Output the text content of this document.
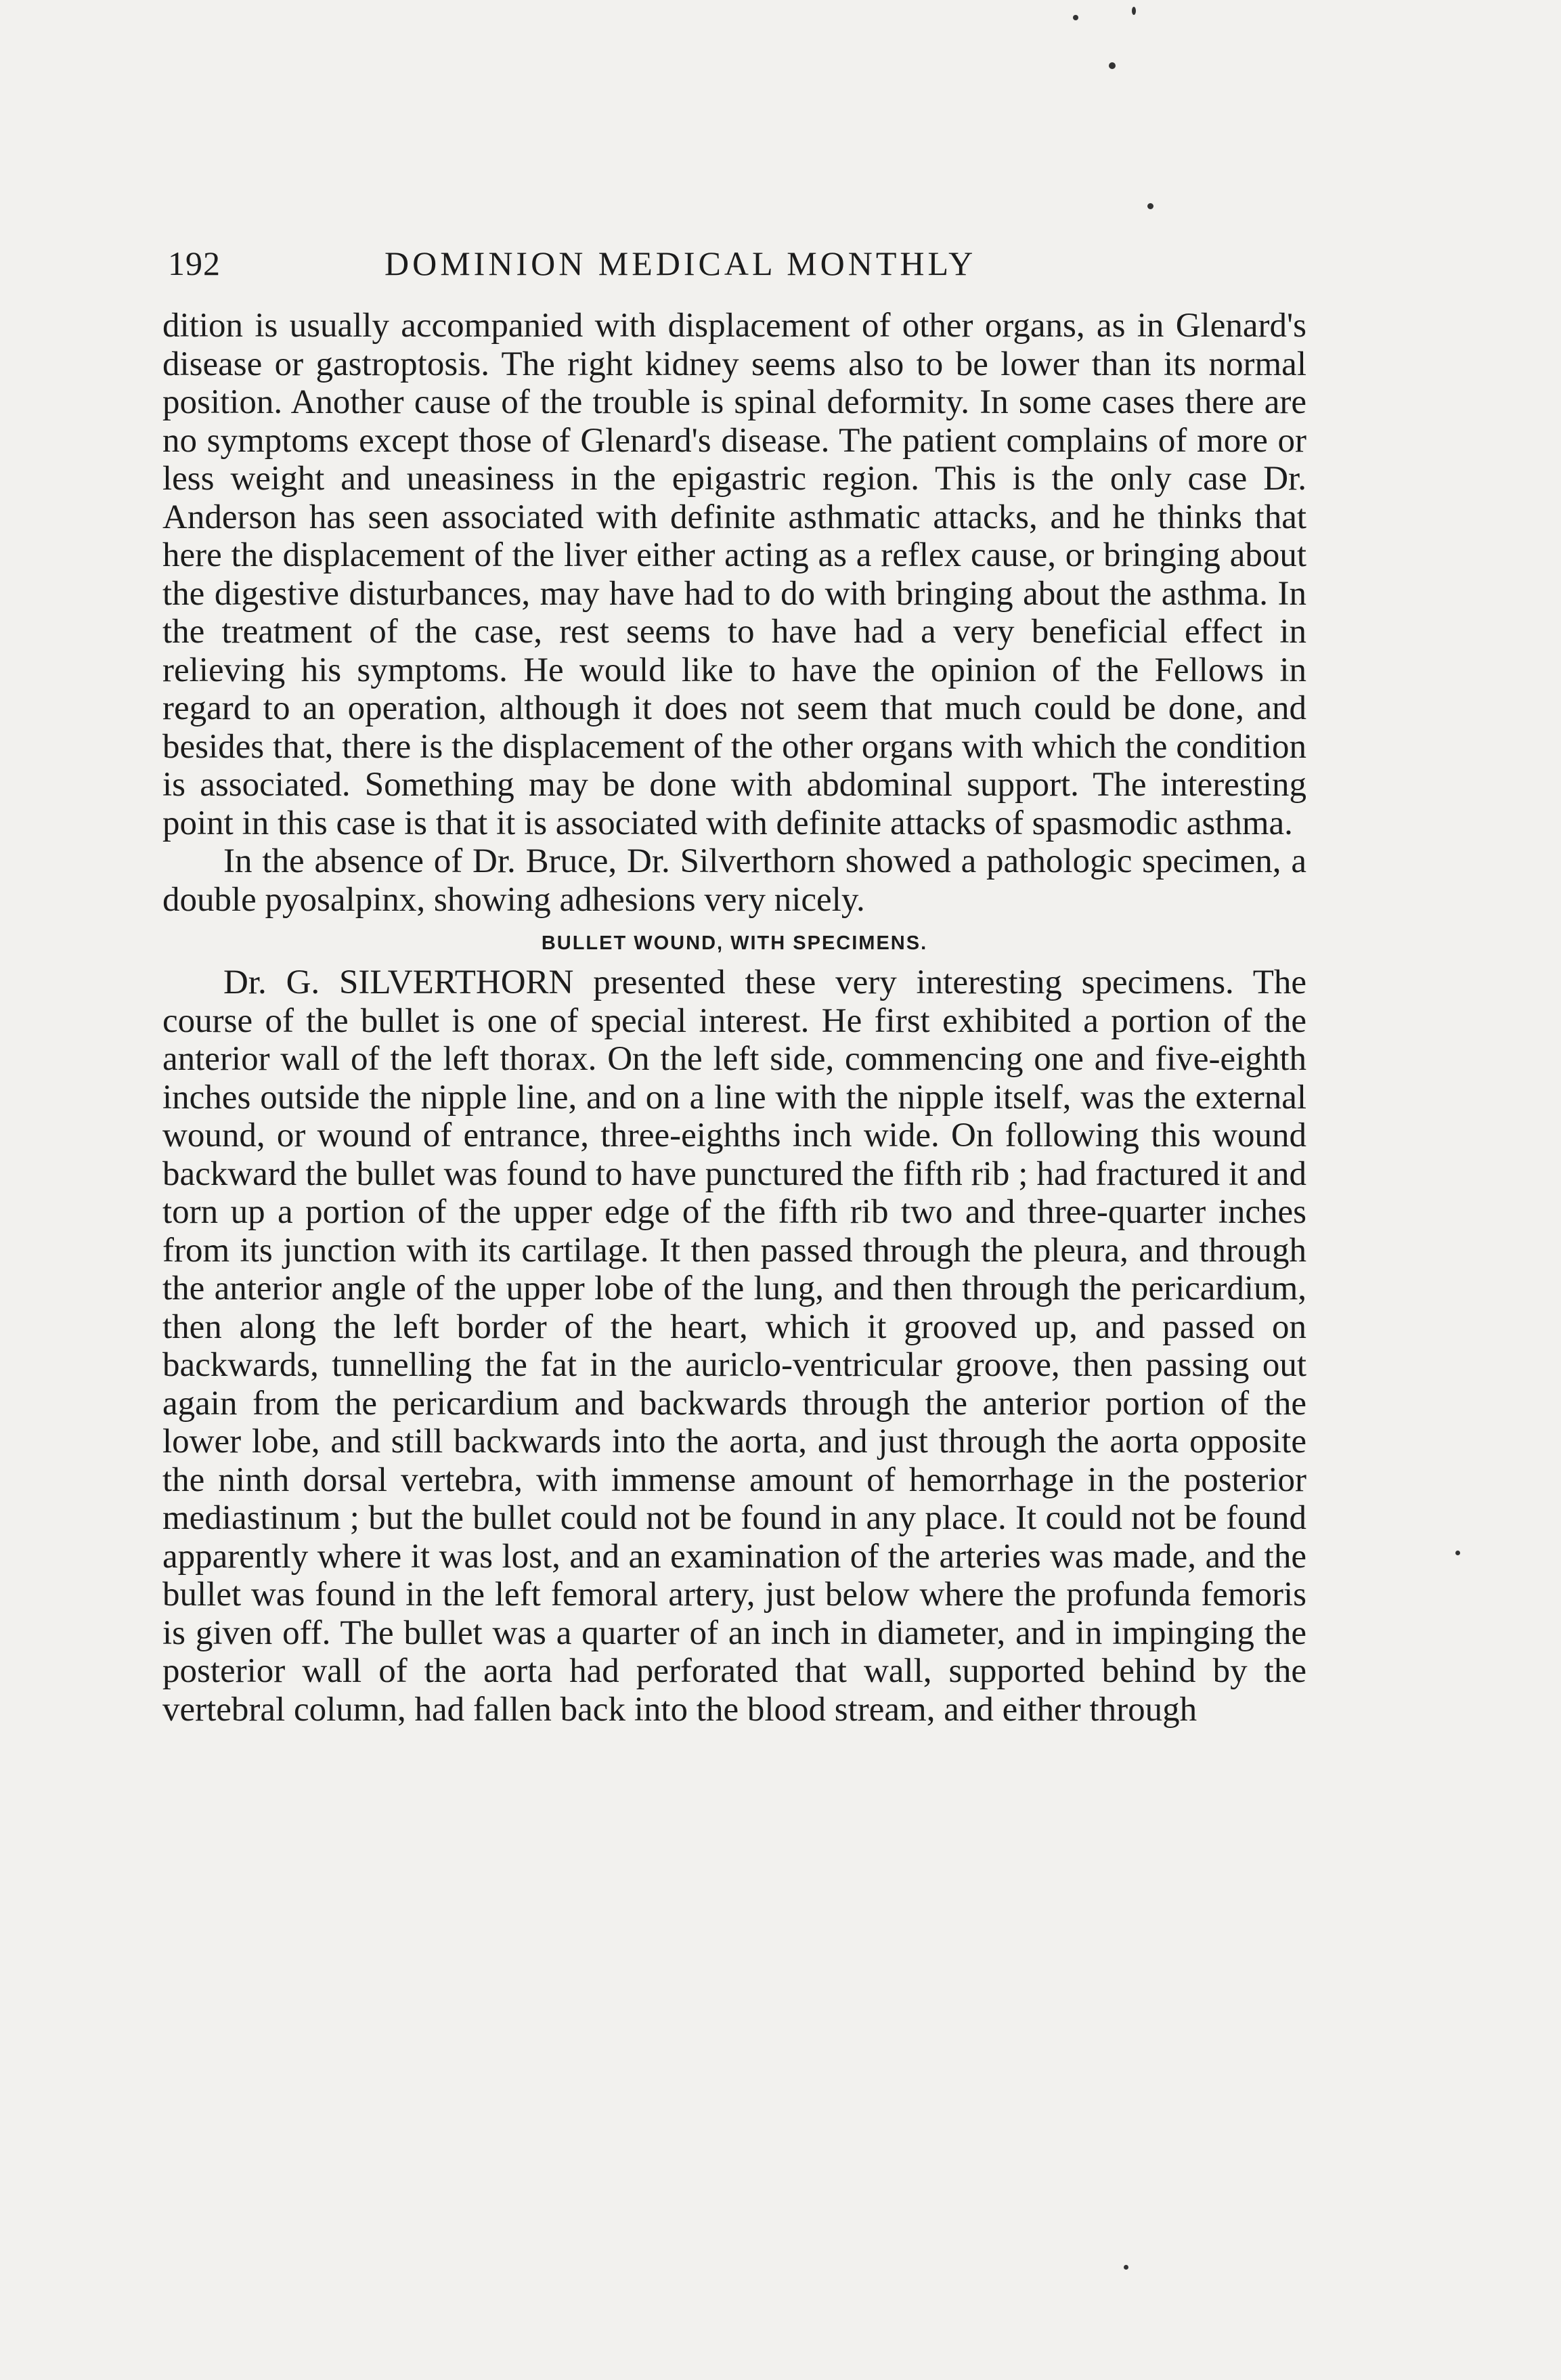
192	DOMINION MEDICAL MONTHLY

dition is usually accompanied with displacement of other organs, as in Glenard's disease or gastroptosis. The right kidney seems also to be lower than its normal position. Another cause of the trouble is spinal deformity. In some cases there are no symptoms except those of Glenard's disease. The patient complains of more or less weight and uneasiness in the epigastric region. This is the only case Dr. Anderson has seen associated with definite asthmatic attacks, and he thinks that here the displacement of the liver either acting as a reflex cause, or bringing about the digestive disturbances, may have had to do with bringing about the asthma. In the treatment of the case, rest seems to have had a very beneficial effect in relieving his symptoms. He would like to have the opinion of the Fellows in regard to an operation, although it does not seem that much could be done, and besides that, there is the displacement of the other organs with which the condition is associated. Something may be done with abdominal support. The interesting point in this case is that it is associated with definite attacks of spasmodic asthma.

In the absence of Dr. Bruce, Dr. Silverthorn showed a pathologic specimen, a double pyosalpinx, showing adhesions very nicely.

BULLET WOUND, WITH SPECIMENS.

Dr. G. SILVERTHORN presented these very interesting specimens. The course of the bullet is one of special interest. He first exhibited a portion of the anterior wall of the left thorax. On the left side, commencing one and five-eighth inches outside the nipple line, and on a line with the nipple itself, was the external wound, or wound of entrance, three-eighths inch wide. On following this wound backward the bullet was found to have punctured the fifth rib ; had fractured it and torn up a portion of the upper edge of the fifth rib two and three-quarter inches from its junction with its cartilage. It then passed through the pleura, and through the anterior angle of the upper lobe of the lung, and then through the pericardium, then along the left border of the heart, which it grooved up, and passed on backwards, tunnelling the fat in the auriclo-ventricular groove, then passing out again from the pericardium and backwards through the anterior portion of the lower lobe, and still backwards into the aorta, and just through the aorta opposite the ninth dorsal vertebra, with immense amount of hemorrhage in the posterior mediastinum ; but the bullet could not be found in any place. It could not be found apparently where it was lost, and an examination of the arteries was made, and the bullet was found in the left femoral artery, just below where the profunda femoris is given off. The bullet was a quarter of an inch in diameter, and in impinging the posterior wall of the aorta had perforated that wall, supported behind by the vertebral column, had fallen back into the blood stream, and either through
